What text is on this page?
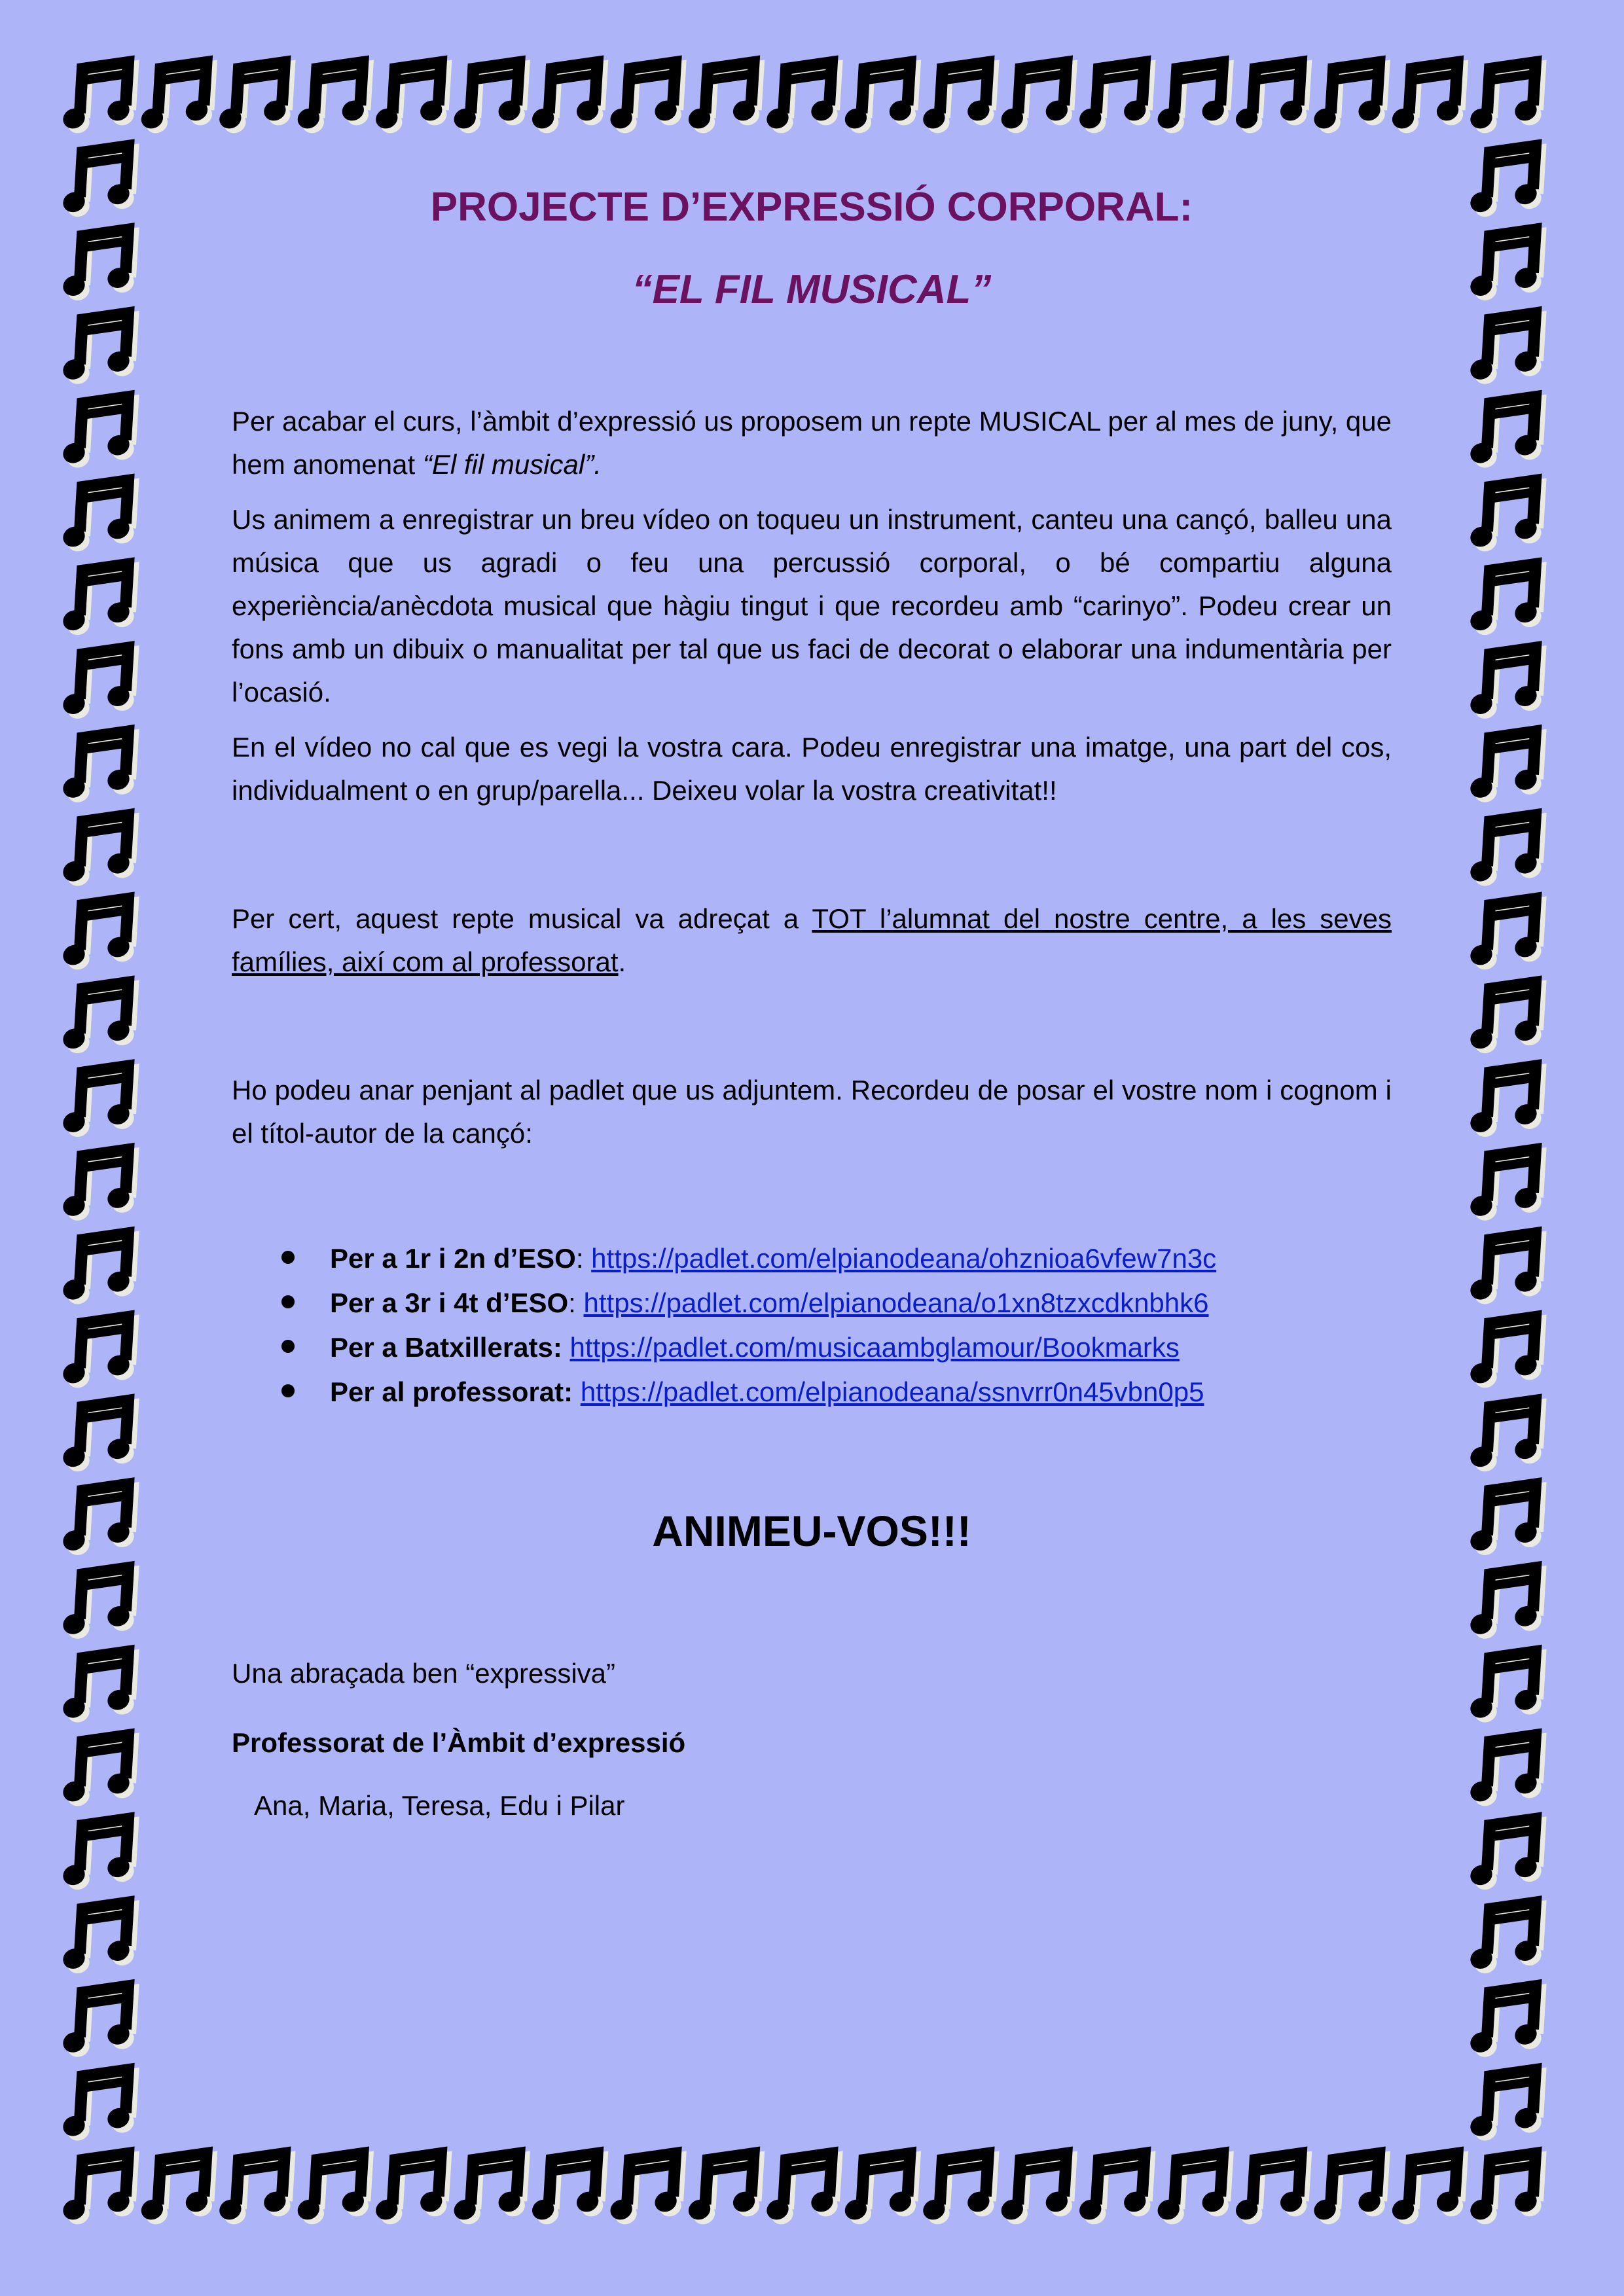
PROJECTE D’EXPRESSIÓ CORPORAL:
“EL FIL MUSICAL”

Per acabar el curs, l’àmbit d’expressió us proposem un repte MUSICAL per al mes de juny, que hem anomenat “El fil musical”.

Us animem a enregistrar un breu vídeo on toqueu un instrument, canteu una cançó, balleu una música que us agradi o feu una percussió corporal, o bé compartiu alguna experiència/anècdota musical que hàgiu tingut i que recordeu amb “carinyo”. Podeu crear un fons amb un dibuix o manualitat per tal que us faci de decorat o elaborar una indumentària per l’ocasió.

En el vídeo no cal que es vegi la vostra cara. Podeu enregistrar una imatge, una part del cos, individualment o en grup/parella... Deixeu volar la vostra creativitat!!

Per cert, aquest repte musical va adreçat a TOT l’alumnat del nostre centre, a les seves famílies, així com al professorat.

Ho podeu anar penjant al padlet que us adjuntem. Recordeu de posar el vostre nom i cognom i el títol-autor de la cançó:

Per a 1r i 2n d’ESO: https://padlet.com/elpianodeana/ohznioa6vfew7n3c
Per a 3r i 4t d’ESO: https://padlet.com/elpianodeana/o1xn8tzxcdknbhk6
Per a Batxillerats: https://padlet.com/musicaambglamour/Bookmarks
Per al professorat: https://padlet.com/elpianodeana/ssnvrr0n45vbn0p5

ANIMEU-VOS!!!

Una abraçada ben “expressiva”

Professorat de l’Àmbit d’expressió

Ana, Maria, Teresa, Edu i Pilar
